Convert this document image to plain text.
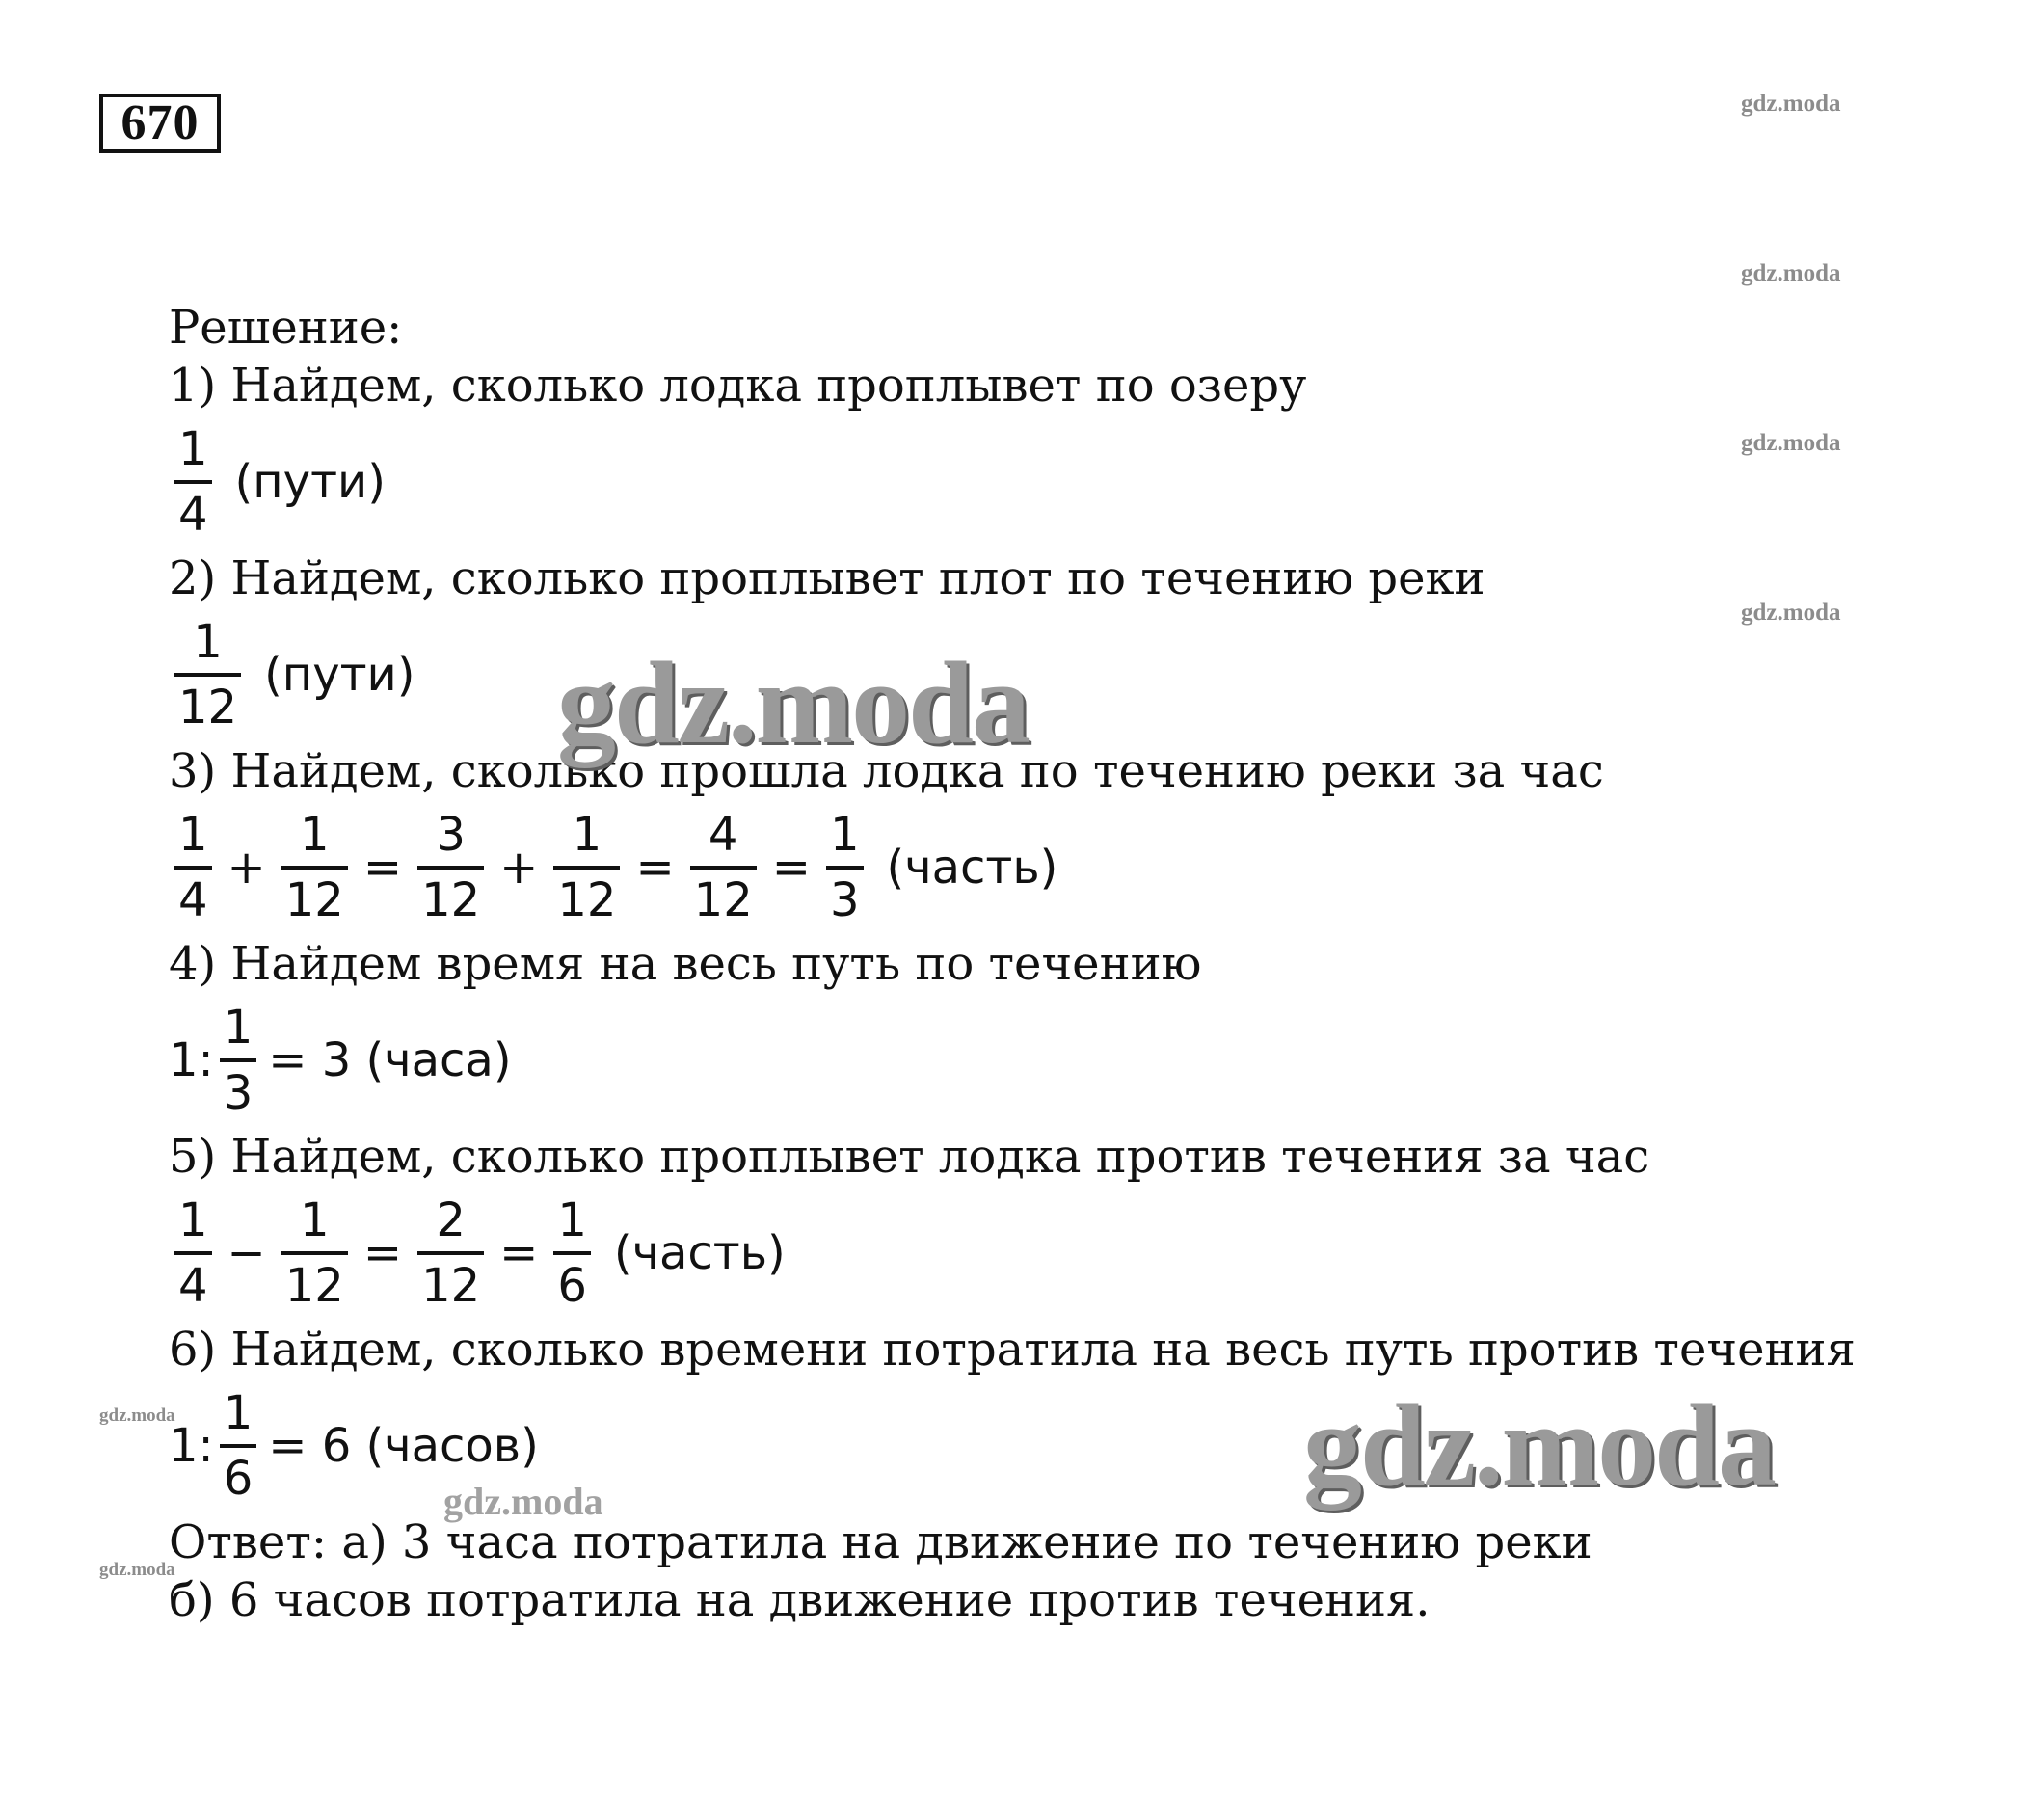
670	gdz.moda
gdz.moda
gdz.moda
gdz.moda
gdz.moda
gdz.moda
gdz.moda
Решение:
1) Найдем, сколько лодка проплывет по озеру
$\frac{1}{4}$ (пути)
2) Найдем, сколько проплывет плот по течению реки
$\frac{1}{12}$ (пути)
3) Найдем, сколько прошла лодка по течению реки за час
$\frac{1}{4} + \frac{1}{12} = \frac{3}{12} + \frac{1}{12} = \frac{4}{12} = \frac{1}{3}$ (часть)
4) Найдем время на весь путь по течению
1: $\frac{1}{3} = 3$ (часа)
5) Найдем, сколько проплывет лодка против течения за час
$\frac{1}{4} - \frac{1}{12} = \frac{2}{12} = \frac{1}{6}$ (часть)
6) Найдем, сколько времени потратила на весь путь против течения
1: $\frac{1}{6} = 6$ (часов)
Ответ: а) 3 часа потратила на движение по течению реки
б) 6 часов потратила на движение против течения.
gdz.moda
gdz.moda
